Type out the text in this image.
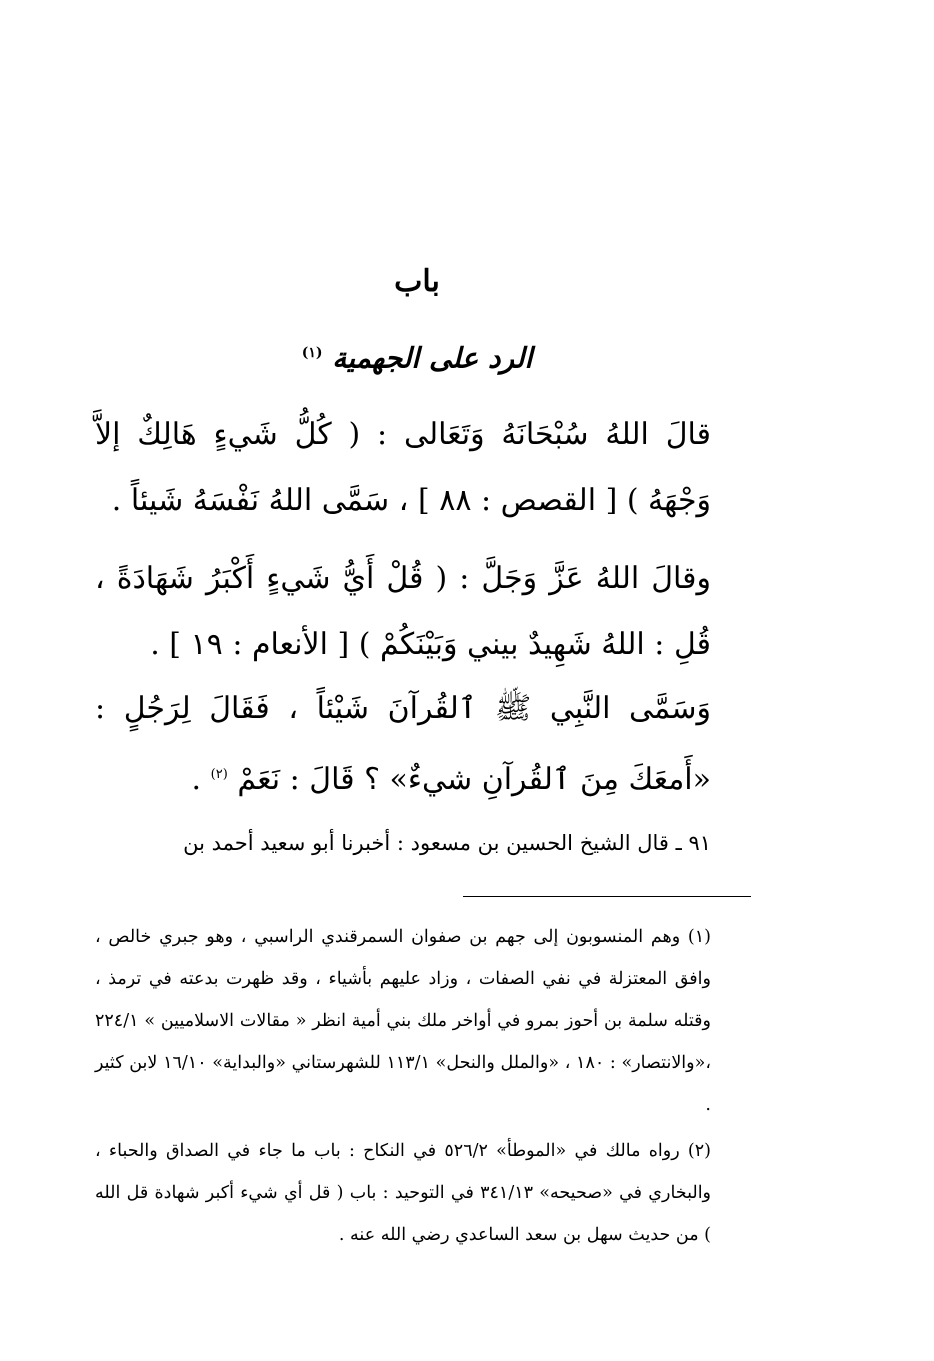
باب
الرد على الجهمية $^{(١)}$
قالَ اللهُ سُبْحَانَهُ وَتَعَالى : ( كُلُّ شَيءٍ هَالِكٌ إلاَّ وَجْهَهُ ) [ القصص : ٨٨ ] ، سَمَّى اللهُ نَفْسَهُ شَيئاً .
وقالَ اللهُ عَزَّ وَجَلَّ : ( قُلْ أَيُّ شَيءٍ أَكْبَرُ شَهَادَةً ، قُلِ : اللهُ شَهِيدٌ بيني وَبَيْنَكُمْ ) [ الأنعام : ١٩ ] .
وَسَمَّى النَّبِي ﷺ ٱلقُرآنَ شَيْئاً ، فَقَالَ لِرَجُلٍ : «أَمعَكَ مِنَ ٱلقُرآنِ شيءٌ» ؟ قَالَ : نَعَمْ $^{(٢)}$ .
٩١ ـ قال الشيخ الحسين بن مسعود : أخبرنا أبو سعيد أحمد بن
(١) وهم المنسوبون إلى جهم بن صفوان السمرقندي الراسبي ، وهو جبري خالص ، وافق المعتزلة في نفي الصفات ، وزاد عليهم بأشياء ، وقد ظهرت بدعته في ترمذ ، وقتله سلمة بن أحوز بمرو في أواخر ملك بني أمية انظر « مقالات الاسلاميين » ٢٢٤/١ ،«والانتصار» : ١٨٠ ، «والملل والنحل» ١١٣/١ للشهرستاني «والبداية» ١٦/١٠ لابن كثير .
(٢) رواه مالك في «الموطأ» ٥٢٦/٢ في النكاح : باب ما جاء في الصداق والحباء ، والبخاري في «صحيحه» ٣٤١/١٣ في التوحيد : باب ( قل أي شيء أكبر شهادة قل الله ) من حديث سهل بن سعد الساعدي رضي الله عنه .
